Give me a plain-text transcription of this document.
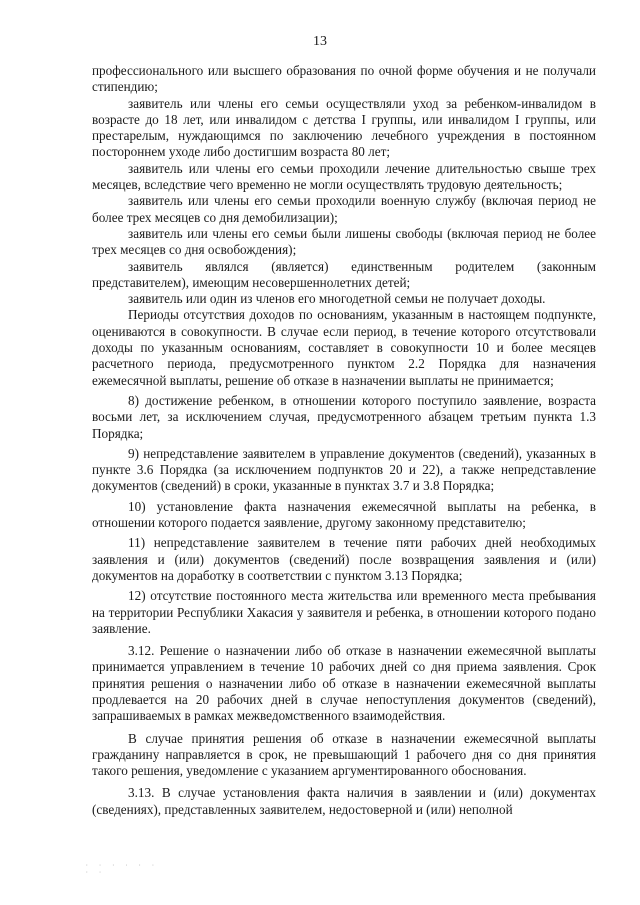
13

профессионального или высшего образования по очной форме обучения и не получали стипендию;

заявитель или члены его семьи осуществляли уход за ребенком-инвалидом в возрасте до 18 лет, или инвалидом с детства I группы, или инвалидом I группы, или престарелым, нуждающимся по заключению лечебного учреждения в постоянном постороннем уходе либо достигшим возраста 80 лет;

заявитель или члены его семьи проходили лечение длительностью свыше трех месяцев, вследствие чего временно не могли осуществлять трудовую деятельность;

заявитель или члены его семьи проходили военную службу (включая период не более трех месяцев со дня демобилизации);

заявитель или члены его семьи были лишены свободы (включая период не более трех месяцев со дня освобождения);

заявитель являлся (является) единственным родителем (законным представителем), имеющим несовершеннолетних детей;

заявитель или один из членов его многодетной семьи не получает доходы.

Периоды отсутствия доходов по основаниям, указанным в настоящем подпункте, оцениваются в совокупности. В случае если период, в течение которого отсутствовали доходы по указанным основаниям, составляет в совокупности 10 и более месяцев расчетного периода, предусмотренного пунктом 2.2 Порядка для назначения ежемесячной выплаты, решение об отказе в назначении выплаты не принимается;

8) достижение ребенком, в отношении которого поступило заявление, возраста восьми лет, за исключением случая, предусмотренного абзацем третьим пункта 1.3 Порядка;

9) непредставление заявителем в управление документов (сведений), указанных в пункте 3.6 Порядка (за исключением подпунктов 20 и 22), а также непредставление документов (сведений) в сроки, указанные в пунктах 3.7 и 3.8 Порядка;

10) установление факта назначения ежемесячной выплаты на ребенка, в отношении которого подается заявление, другому законному представителю;

11) непредставление заявителем в течение пяти рабочих дней необходимых заявления и (или) документов (сведений) после возвращения заявления и (или) документов на доработку в соответствии с пунктом 3.13 Порядка;

12) отсутствие постоянного места жительства или временного места пребывания на территории Республики Хакасия у заявителя и ребенка, в отношении которого подано заявление.

3.12. Решение о назначении либо об отказе в назначении ежемесячной выплаты принимается управлением в течение 10 рабочих дней со дня приема заявления. Срок принятия решения о назначении либо об отказе в назначении ежемесячной выплаты продлевается на 20 рабочих дней в случае непоступления документов (сведений), запрашиваемых в рамках межведомственного взаимодействия.

В случае принятия решения об отказе в назначении ежемесячной выплаты гражданину направляется в срок, не превышающий 1 рабочего дня со дня принятия такого решения, уведомление с указанием аргументированного обоснования.

3.13. В случае установления факта наличия в заявлении и (или) документах (сведениях), представленных заявителем, недостоверной и (или) неполной

· · · · · · · ·
